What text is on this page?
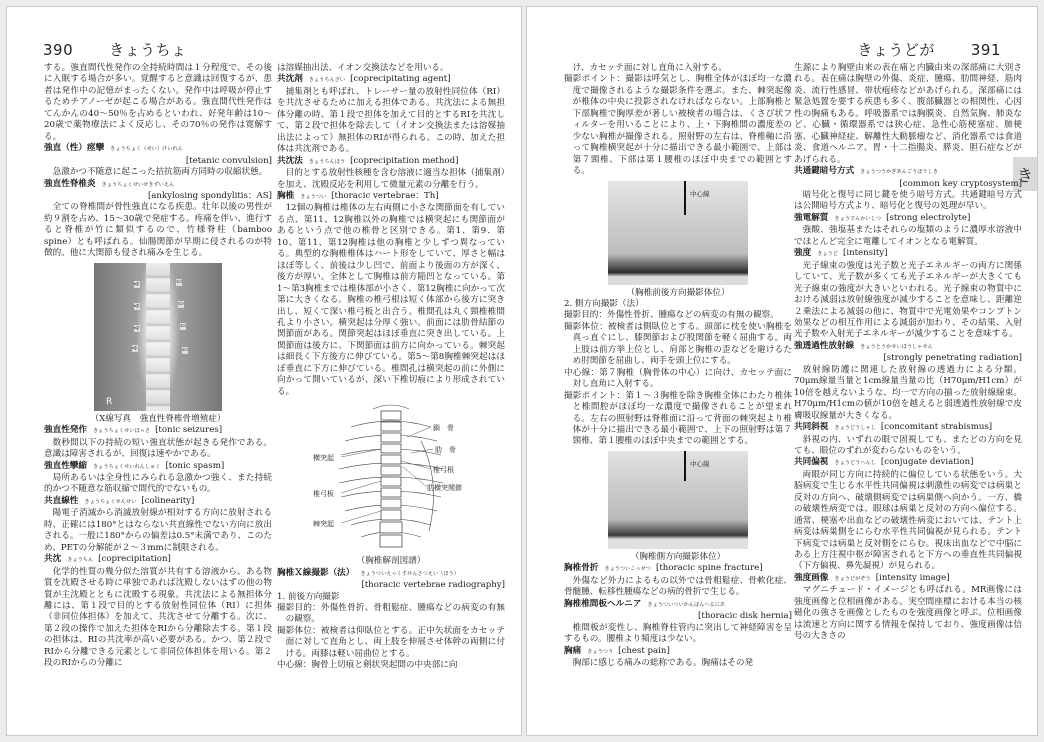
390 きょうちょ

する。強直間代性発作の全持続時間は１分程度で、その後に入眠する場合が多い。覚醒すると意識は回復するが、患者は発作中の記憶がまったくない。発作中は呼吸が停止するためチアノーゼが起こる場合がある。強直間代性発作はてんかんの40〜50％を占めるといわれ、好発年齢は10〜20歳で薬物療法によく反応し、その70％の発作は寛解する。

強直（性）痙攣 きょうちょく（せい）けいれん

[tetanic convulsion]

急激かつ不随意に起こった拮抗筋両方同時の収縮状態。

強直性脊椎炎 きょうちょくせいせきずいえん

[ankylosing spondylitis：AS]

全ての脊椎間が骨性強直になる疾患。壮年以後の男性が約９割を占め、15〜30歳で発症する。疼痛を伴い、進行すると脊椎が竹に類似するので、竹様脊柱（bamboo spine）とも呼ばれる。仙腸関節が早期に侵されるのが特徴的。他に大関節も侵され痛みを生じる。

➪	⇦
➪	⇦
➪	⇦
➪	⇦
R

（X線写真　強直性脊椎骨増殖症）

強直性発作 きょうちょくせいほっさ [tonic seizures]

数秒間以下の持続の短い強直状態が起きる発作である。意識は障害されるが、回復は速やかである。

強直性攣縮 きょうちょくせいれんしゅく [tonic spasm]

局所あるいは全身性にみられる急激かつ強く、また持続的かつ不随意な筋収縮で間代的でないもの。

共直線性 きょうちょくせんせい [colinearity]

陽電子消滅から消滅放射線が相対する方向に放射される時、正確には180°とはならない共直線性でない方向に放出される。一般に180°からの偏差は0.5°未満であり、このため、PETの分解能が２〜３mmに制限される。

共沈 きょうちん [coprecipitation]

化学的性質の幾分似た溶質が共有する溶液から、ある物質を沈殿させる時に単独であれば沈殿しないはずの他の物質が主沈殿とともに沈殿する現象。共沈法による無担体分離には、第１段で目的とする放射性同位体（RI）に担体（非同位体担体）を加えて、共沈させて分離する。次に、第２段の操作で加えた担体をRIから分離除去する。第１段の担体は、RIの共沈率が高い必要がある。かつ、第２段でRIから分離できる元素として非同位体担体を用いる。第２段のRIからの分離に

は溶媒抽出法、イオン交換法などを用いる。

共沈剤 きょうちんざい [coprecipitating agent]

捕集剤とも呼ばれ、トレーサー量の放射性同位体（RI）を共沈させるために加える担体である。共沈法による無担体分離の時、第１段で担体を加えて目的とするRIを共沈して、第２段で担体を除去して（イオン交換法または溶媒抽出法によって）無担体のRIが得られる。この時、加えた担体は共沈剤である。

共沈法 きょうちんほう [coprecipitation method]

目的とする放射性核種を含む溶液に適当な担体（捕集剤）を加え、沈殿反応を利用して微量元素の分離を行う。

胸椎 きょうつい [thoracic vertebrae：Th]

12個の胸椎は椎体の左右両側に小さな関節面を有している点、第11、12胸椎以外の胸椎では横突起にも関節面があるという点で他の椎骨と区別できる。第1、第9、第10、第11、第12胸椎は他の胸椎と少しずつ異なっている。典型的な胸椎椎体はハート形をしていて、厚さと幅はほぼ等しく、前後は少し凹で、前面より後面の方が深く、後方が厚い。全体として胸椎は前方陥凹となっている。第1〜第3胸椎までは椎体部が小さく、第12胸椎に向かって次第に大きくなる。胸椎の椎弓根は短く体部から後方に突き出し、短くて深い椎弓板と出合う。椎間孔は丸く頸椎椎間孔より小さい。横突起は分厚く強い。前面には肋骨結節の関節面がある。関節突起はほぼ垂直に突き出している。上関節面は後方に、下関節面は前方に向かっている。棘突起は細長く下方後方に伸びている。第5〜第8胸椎棘突起はほぼ垂直に下方に伸びている。椎間孔は横突起の前に外側に向かって開いているが、深い下椎切痕により形成されている。

横突起
椎弓板
棘突起
鎖　骨
肋　骨
椎弓根
肋横突関節

（胸椎解剖図譜）

胸椎Ｘ線撮影（法） きょうついえっくすせんさつえい（ほう）

[thoracic vertebrae radiography]

1. 前後方向撮影

撮影目的：外傷性骨折、骨粗鬆症、腫瘍などの病変の有無の観察。

撮影体位：被検者は仰臥位とする。正中矢状面をカセッテ面に対して直角とし、両上肢を伸展させ体幹の両側に付ける。両膝は軽い屈曲位とする。

中心線：胸骨上切痕と剣状突起間の中央部に向

きょうどが 391
き

け、カセッテ面に対し直角に入射する。

撮影ポイント：撮影は呼気とし、胸椎全体がほぼ均一な濃度で撮像されるような撮影条件を選ぶ。また、棘突起像が椎体の中央に投影されなければならない。上部胸椎と下部胸椎で胸厚差が著しい被検者の場合は、くさび状フィルターを用いることにより、上・下胸椎間の濃度差の少ない胸椎が撮像される。照射野の左右は、脊椎軸に沿って胸椎横突起が十分に描出できる最小範囲で、上部は第７頸椎、下部は第１腰椎のほぼ中央までの範囲とする。

中心線

（胸椎前後方向撮影体位）

2. 側方向撮影（法）

撮影目的：外傷性骨折、腫瘍などの病変の有無の観察。

撮影体位：被検者は側臥位とする。頭部に枕を使い胸椎を真っ直ぐにし、膝関節および股関節を軽く屈曲する。両上肢は前方挙上位とし、肩部と胸椎の歪などを避けるため肘関節を屈曲し、両手を頭上位にする。

中心線：第７胸椎（胸骨体の中心）に向け、カセッテ面に対し直角に入射する。

撮影ポイント：第１〜３胸椎を除き胸椎全体にわたり椎体と椎間腔がほぼ均一な濃度で撮像されることが望まれる。左右の照射野は脊椎面に沿って背面の棘突起より椎体が十分に描出できる最小範囲で、上下の照射野は第７頸椎、第１腰椎のほぼ中央までの範囲とする。

中心線

（胸椎側方向撮影体位）

胸椎骨折 きょうついこっせつ [thoracic spine fracture]

外傷など外力によるもの以外では骨粗鬆症、骨軟化症、骨髄腫、転移性腫瘍などの病的骨折で生じる。

胸椎椎間板ヘルニア きょうついついかんばんへるにあ

[thoracic disk hernia]

椎間板が変性し、胸椎脊柱管内に突出して神経障害を呈するもの。腰椎より頻度は少ない。

胸痛 きょうつう [chest pain]

胸部に感じる痛みの総称である。胸痛はその発

生源により胸壁由来の表在痛と内臓由来の深部痛に大別される。表在痛は胸壁の外傷、炎症、腫瘍、肋間神経、筋肉炎、流行性感冒、帯状疱疹などがあげられる。深部痛には緊急処置を要する疾患も多く、腹部臓器との相関性、心因性の胸痛もある。呼吸器系では胸膜炎、自然気胸、肺炎など、心臓・循環器系では狭心症、急性心筋梗塞症、肺梗塞、心臓神経症、解離性大動脈瘤など、消化器系では食道炎、食道ヘルニア、胃・十二指腸炎、膵炎、胆石症などがあげられる。

共通鍵暗号方式 きょうつうかぎあんごうほうしき

[common key cryptosystem]

暗号化と復号に同じ鍵を使う暗号方式。共通鍵暗号方式は公開暗号方式より、暗号化と復号の処理が早い。

強電解質 きょうでんかいしつ [strong electrolyte]

強酸、強塩基またはそれらの塩類のように濃厚水溶液中でほとんど完全に電離してイオンとなる電解質。

強度 きょうど [intensity]

光子線束の強度は光子数と光子エネルギーの両方に関係していて、光子数が多くても光子エネルギーが大きくても光子線束の強度が大きいといわれる。光子線束の物質中における減弱は放射線強度が減少することを意味し、距離逆２乗法による減弱の他に、物質中で光電効果やコンプトン効果などの相互作用による減弱が加わり、その結果、入射光子数や入射光子エネルギーが減少することを意味する。

強透過性放射線 きょうとうかせいほうしゃせん

[strongly penetrating radiation]

放射線防護に関連した放射線の透過力による分類。70μm線量当量と1cm線量当量の比（H70μm/H1cm）が10倍を越えないような、均一で方向の揃った放射線線束。H70μm/H1cmの値が10倍を越えると弱透過性放射線で皮膚吸収線量が大きくなる。

共同斜視 きょうどうしゃし [concomitant strabismus]

斜視の内、いずれの眼で固視しても、またどの方向を見ても、眼位のずれが変わらないものをいう。

共同偏視 きょうどうへんし [conjugate deviation]

両眼が同じ方向に持続的に偏位している状態をいう。大脳病変で生じる水平性共同偏視は刺激性の病変では病巣と反対の方向へ、破壊側病変では病巣側へ向かう。一方、橋の破壊性病変では、眼球は病巣と反対の方向へ偏位する。通常、梗塞や出血などの破壊性病変においては、テント上病変は病巣側をにらむ水平性共同偏視が見られる。テント下病変では病巣と反対側をにらむ。視床出血などで中脳にある上方注視中枢が障害されると下方への垂直性共同偏視（下方偏視、鼻先凝視）が見られる。

強度画像 きょうどがぞう [intensity image]

マグニチュード・イメージとも呼ばれる。MR画像には強度画像と位相画像がある。実空間座標における本当の核磁化の強さを画像としたものを強度画像と呼ぶ。位相画像は流速と方向に関する情報を保持しており、強度画像は信号の大きさの
